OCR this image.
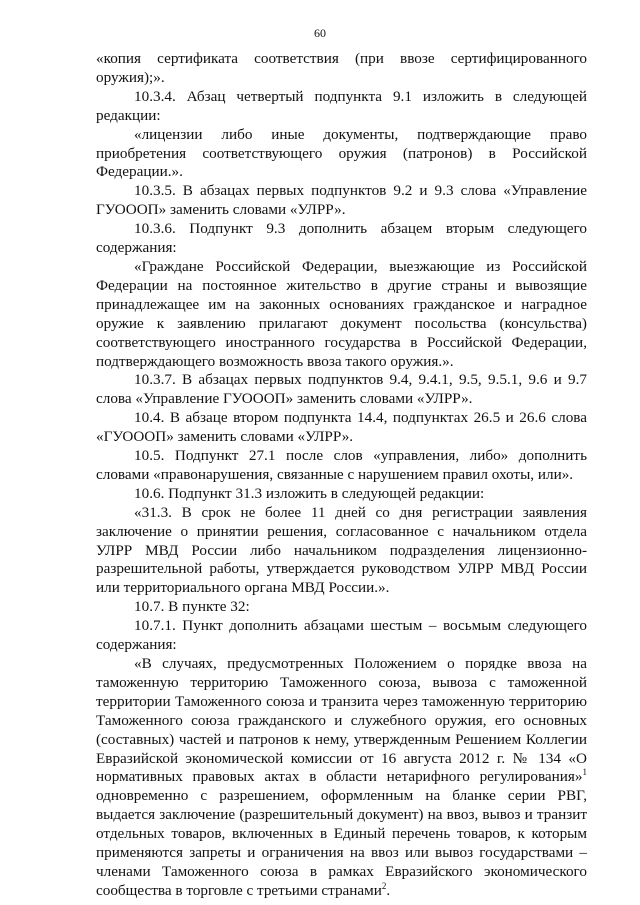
60

«копия сертификата соответствия (при ввозе сертифицированного оружия);».

10.3.4. Абзац четвертый подпункта 9.1 изложить в следующей редакции:

«лицензии либо иные документы, подтверждающие право приобретения соответствующего оружия (патронов) в Российской Федерации.».

10.3.5. В абзацах первых подпунктов 9.2 и 9.3 слова «Управление ГУОООП» заменить словами «УЛРР».

10.3.6. Подпункт 9.3 дополнить абзацем вторым следующего содержания:

«Граждане Российской Федерации, выезжающие из Российской Федерации на постоянное жительство в другие страны и вывозящие принадлежащее им на законных основаниях гражданское и наградное оружие к заявлению прилагают документ посольства (консульства) соответствующего иностранного государства в Российской Федерации, подтверждающего возможность ввоза такого оружия.».

10.3.7. В абзацах первых подпунктов 9.4, 9.4.1, 9.5, 9.5.1, 9.6 и 9.7 слова «Управление ГУОООП» заменить словами «УЛРР».

10.4. В абзаце втором подпункта 14.4, подпунктах 26.5 и 26.6 слова «ГУОООП» заменить словами «УЛРР».

10.5. Подпункт 27.1 после слов «управления, либо» дополнить словами «правонарушения, связанные с нарушением правил охоты, или».

10.6. Подпункт 31.3 изложить в следующей редакции:

«31.3. В срок не более 11 дней со дня регистрации заявления заключение о принятии решения, согласованное с начальником отдела УЛРР МВД России либо начальником подразделения лицензионно-разрешительной работы, утверждается руководством УЛРР МВД России или территориального органа МВД России.».

10.7. В пункте 32:

10.7.1. Пункт дополнить абзацами шестым – восьмым следующего содержания:

«В случаях, предусмотренных Положением о порядке ввоза на таможенную территорию Таможенного союза, вывоза с таможенной территории Таможенного союза и транзита через таможенную территорию Таможенного союза гражданского и служебного оружия, его основных (составных) частей и патронов к нему, утвержденным Решением Коллегии Евразийской экономической комиссии от 16 августа 2012 г. № 134 «О нормативных правовых актах в области нетарифного регулирования»$^1$ одновременно с разрешением, оформленным на бланке серии РВГ, выдается заключение (разрешительный документ) на ввоз, вывоз и транзит отдельных товаров, включенных в Единый перечень товаров, к которым применяются запреты и ограничения на ввоз или вывоз государствами – членами Таможенного союза в рамках Евразийского экономического сообщества в торговле с третьими странами$^2$.
